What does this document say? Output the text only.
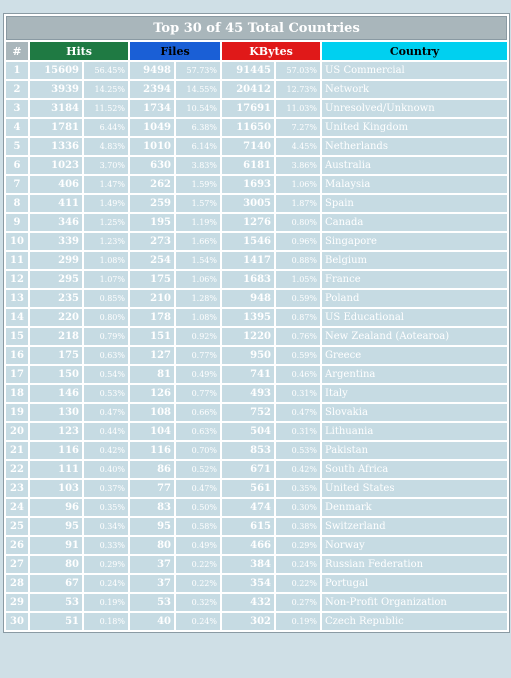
Top 30 of 45 Total Countries							
#	Hits		Files		KBytes		Country
1	15609	56.45%	9498	57.73%	91445	57.03%	US Commercial
2	3939	14.25%	2394	14.55%	20412	12.73%	Network
3	3184	11.52%	1734	10.54%	17691	11.03%	Unresolved/Unknown
4	1781	6.44%	1049	6.38%	11650	7.27%	United Kingdom
5	1336	4.83%	1010	6.14%	7140	4.45%	Netherlands
6	1023	3.70%	630	3.83%	6181	3.86%	Australia
7	406	1.47%	262	1.59%	1693	1.06%	Malaysia
8	411	1.49%	259	1.57%	3005	1.87%	Spain
9	346	1.25%	195	1.19%	1276	0.80%	Canada
10	339	1.23%	273	1.66%	1546	0.96%	Singapore
11	299	1.08%	254	1.54%	1417	0.88%	Belgium
12	295	1.07%	175	1.06%	1683	1.05%	France
13	235	0.85%	210	1.28%	948	0.59%	Poland
14	220	0.80%	178	1.08%	1395	0.87%	US Educational
15	218	0.79%	151	0.92%	1220	0.76%	New Zealand (Aotearoa)
16	175	0.63%	127	0.77%	950	0.59%	Greece
17	150	0.54%	81	0.49%	741	0.46%	Argentina
18	146	0.53%	126	0.77%	493	0.31%	Italy
19	130	0.47%	108	0.66%	752	0.47%	Slovakia
20	123	0.44%	104	0.63%	504	0.31%	Lithuania
21	116	0.42%	116	0.70%	853	0.53%	Pakistan
22	111	0.40%	86	0.52%	671	0.42%	South Africa
23	103	0.37%	77	0.47%	561	0.35%	United States
24	96	0.35%	83	0.50%	474	0.30%	Denmark
25	95	0.34%	95	0.58%	615	0.38%	Switzerland
26	91	0.33%	80	0.49%	466	0.29%	Norway
27	80	0.29%	37	0.22%	384	0.24%	Russian Federation
28	67	0.24%	37	0.22%	354	0.22%	Portugal
29	53	0.19%	53	0.32%	432	0.27%	Non-Profit Organization
30	51	0.18%	40	0.24%	302	0.19%	Czech Republic
